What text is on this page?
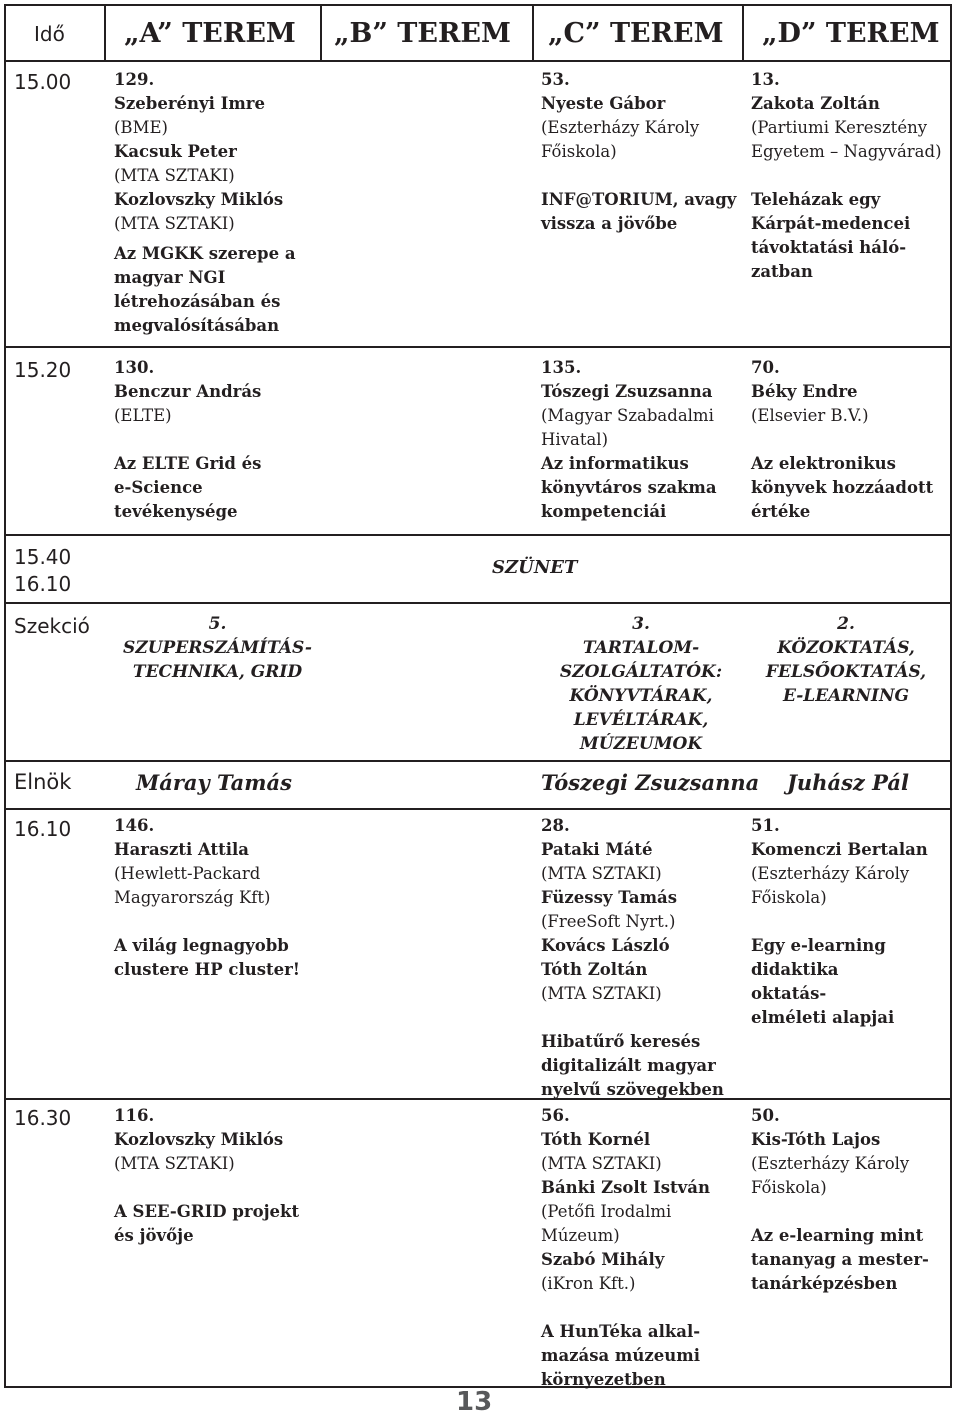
Idő „A” TEREM „B” TEREM „C” TEREM „D” TEREM
15.00
15.20
15.40
16.10
Szekció
16.10
16.30
129.
Szeberényi Imre
(BME)
Kacsuk Peter
(MTA SZTAKI)
Kozlovszky Miklós
(MTA SZTAKI)
Az MGKK szerepe a
magyar NGI
létrehozásában és
megvalósításában
53.
Nyeste Gábor
(Eszterházy Károly
Főiskola)
INF@TORIUM, avagy
vissza a jövőbe
13.
Zakota Zoltán
(Partiumi Keresztény
Egyetem – Nagyvárad)
Teleházak egy
Kárpát-medencei
távoktatási háló-
zatban
130.
Benczur András
(ELTE)
Az ELTE Grid és
e-Science
tevékenysége
135.
Tószegi Zsuzsanna
(Magyar Szabadalmi
Hivatal)
Az informatikus
könyvtáros szakma
kompetenciái
70.
Béky Endre
(Elsevier B.V.)
Az elektronikus
könyvek hozzáadott
értéke
SZÜNET
5.
SZUPERSZÁMÍTÁS-
TECHNIKA, GRID
3.
TARTALOM-
SZOLGÁLTATÓK:
KÖNYVTÁRAK,
LEVÉLTÁRAK,
MÚZEUMOK
2.
KÖZOKTATÁS,
FELSŐOKTATÁS,
E-LEARNING
Elnök	Máray Tamás	Tószegi Zsuzsanna Juhász Pál
146.
Haraszti Attila
(Hewlett-Packard
Magyarország Kft)
A világ legnagyobb
clustere HP cluster!
28.
Pataki Máté
(MTA SZTAKI)
Füzessy Tamás
(FreeSoft Nyrt.)
Kovács László
Tóth Zoltán
(MTA SZTAKI)
Hibatűrő keresés
digitalizált magyar
nyelvű szövegekben
51.
Komenczi Bertalan
(Eszterházy Károly
Főiskola)
Egy e-learning
didaktika
oktatás-
elméleti alapjai
116.
Kozlovszky Miklós
(MTA SZTAKI)
A SEE-GRID projekt
és jövője
56.
Tóth Kornél
(MTA SZTAKI)
Bánki Zsolt István
(Petőfi Irodalmi
Múzeum)
Szabó Mihály
(iKron Kft.)
A HunTéka alkal-
mazása múzeumi
környezetben
50.
Kis-Tóth Lajos
(Eszterházy Károly
Főiskola)
Az e-learning mint
tananyag a mester-
tanárképzésben
13
